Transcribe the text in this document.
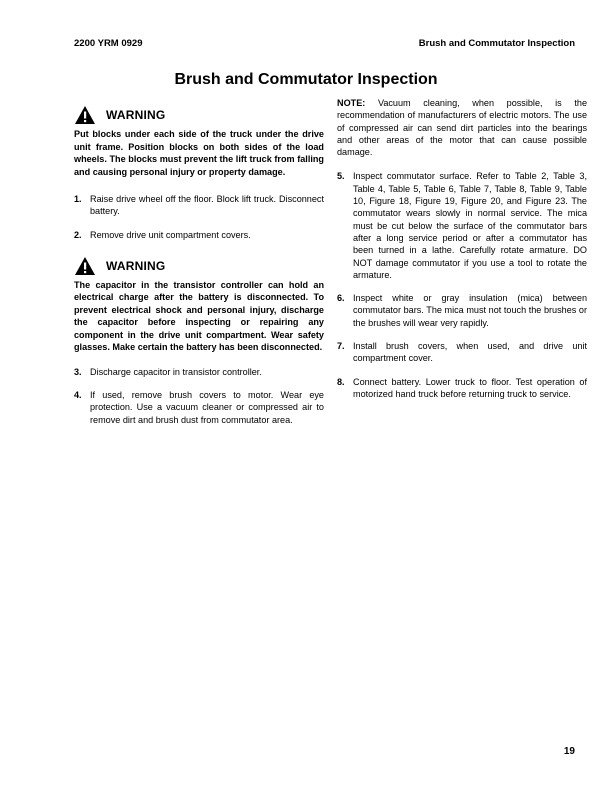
2200 YRM 0929	Brush and Commutator Inspection
Brush and Commutator Inspection
WARNING

Put blocks under each side of the truck under the drive unit frame. Position blocks on both sides of the load wheels. The blocks must prevent the lift truck from falling and causing personal injury or property damage.

1. Raise drive wheel off the floor. Block lift truck. Disconnect battery.
2. Remove drive unit compartment covers.
WARNING

The capacitor in the transistor controller can hold an electrical charge after the battery is disconnected. To prevent electrical shock and personal injury, discharge the capacitor before inspecting or repairing any component in the drive unit compartment. Wear safety glasses. Make certain the battery has been disconnected.

3. Discharge capacitor in transistor controller.
4. If used, remove brush covers to motor. Wear eye protection. Use a vacuum cleaner or compressed air to remove dirt and brush dust from commutator area.

NOTE: Vacuum cleaning, when possible, is the recommendation of manufacturers of electric motors. The use of compressed air can send dirt particles into the bearings and other areas of the motor that can cause possible damage.

5. Inspect commutator surface. Refer to Table 2, Table 3, Table 4, Table 5, Table 6, Table 7, Table 8, Table 9, Table 10, Figure 18, Figure 19, Figure 20, and Figure 23. The commutator wears slowly in normal service. The mica must be cut below the surface of the commutator bars after a long service period or after a commutator has been turned in a lathe. Carefully rotate armature. DO NOT damage commutator if you use a tool to rotate the armature.
6. Inspect white or gray insulation (mica) between commutator bars. The mica must not touch the brushes or the brushes will wear very rapidly.
7. Install brush covers, when used, and drive unit compartment cover.
8. Connect battery. Lower truck to floor. Test operation of motorized hand truck before returning truck to service.
19
